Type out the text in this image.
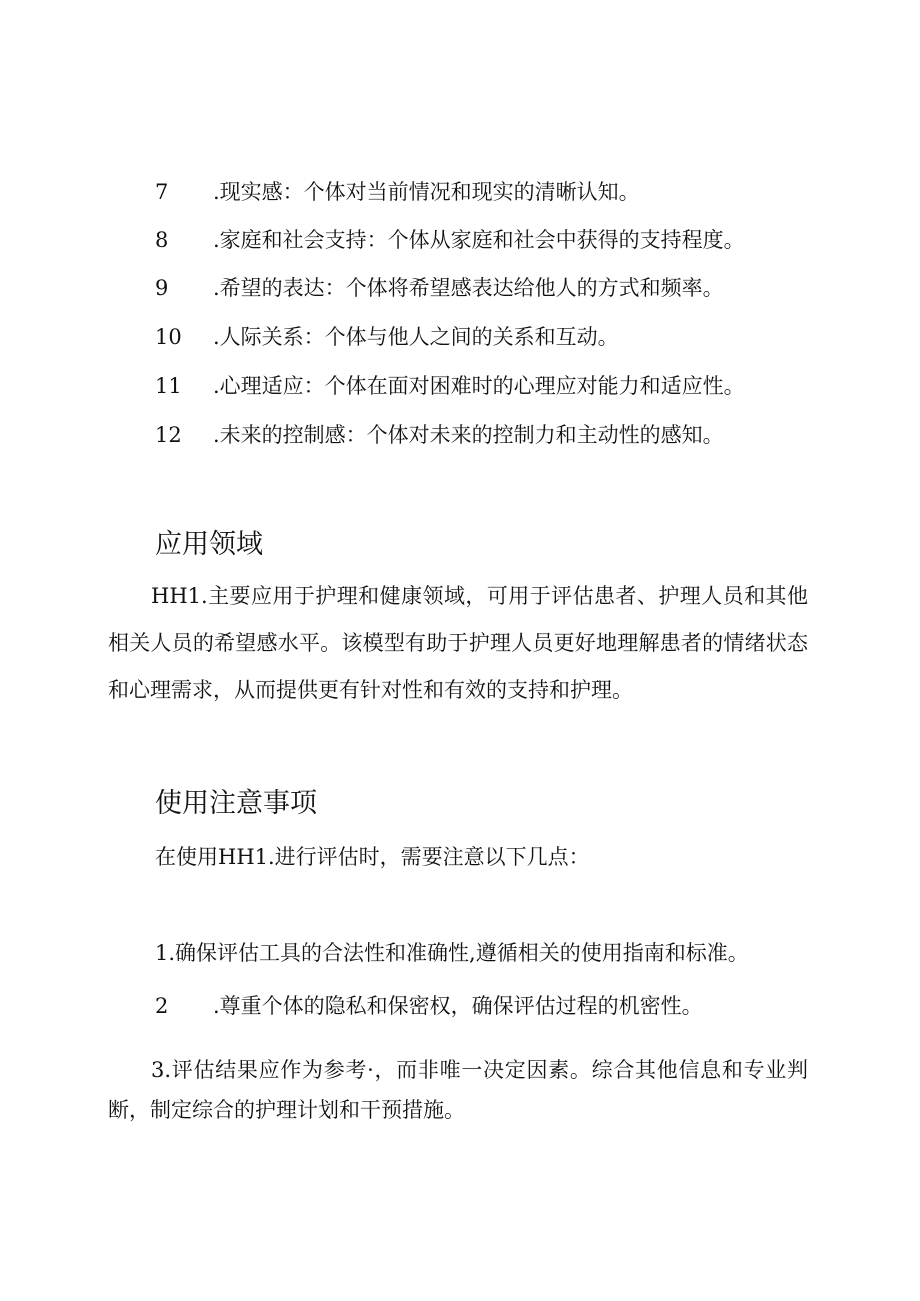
7 .现实感：个体对当前情况和现实的清晰认知。
8 .家庭和社会支持：个体从家庭和社会中获得的支持程度。
9 .希望的表达：个体将希望感表达给他人的方式和频率。
10 .人际关系：个体与他人之间的关系和互动。
11 .心理适应：个体在面对困难时的心理应对能力和适应性。
12 .未来的控制感：个体对未来的控制力和主动性的感知。
应用领域
HH1.主要应用于护理和健康领域，可用于评估患者、护理人员和其他相关人员的希望感水平。该模型有助于护理人员更好地理解患者的情绪状态和心理需求，从而提供更有针对性和有效的支持和护理。
使用注意事项
在使用HH1.进行评估时，需要注意以下几点：
1.确保评估工具的合法性和准确性,遵循相关的使用指南和标准。
2 .尊重个体的隐私和保密权，确保评估过程的机密性。
3.评估结果应作为参考·，而非唯一决定因素。综合其他信息和专业判断，制定综合的护理计划和干预措施。
